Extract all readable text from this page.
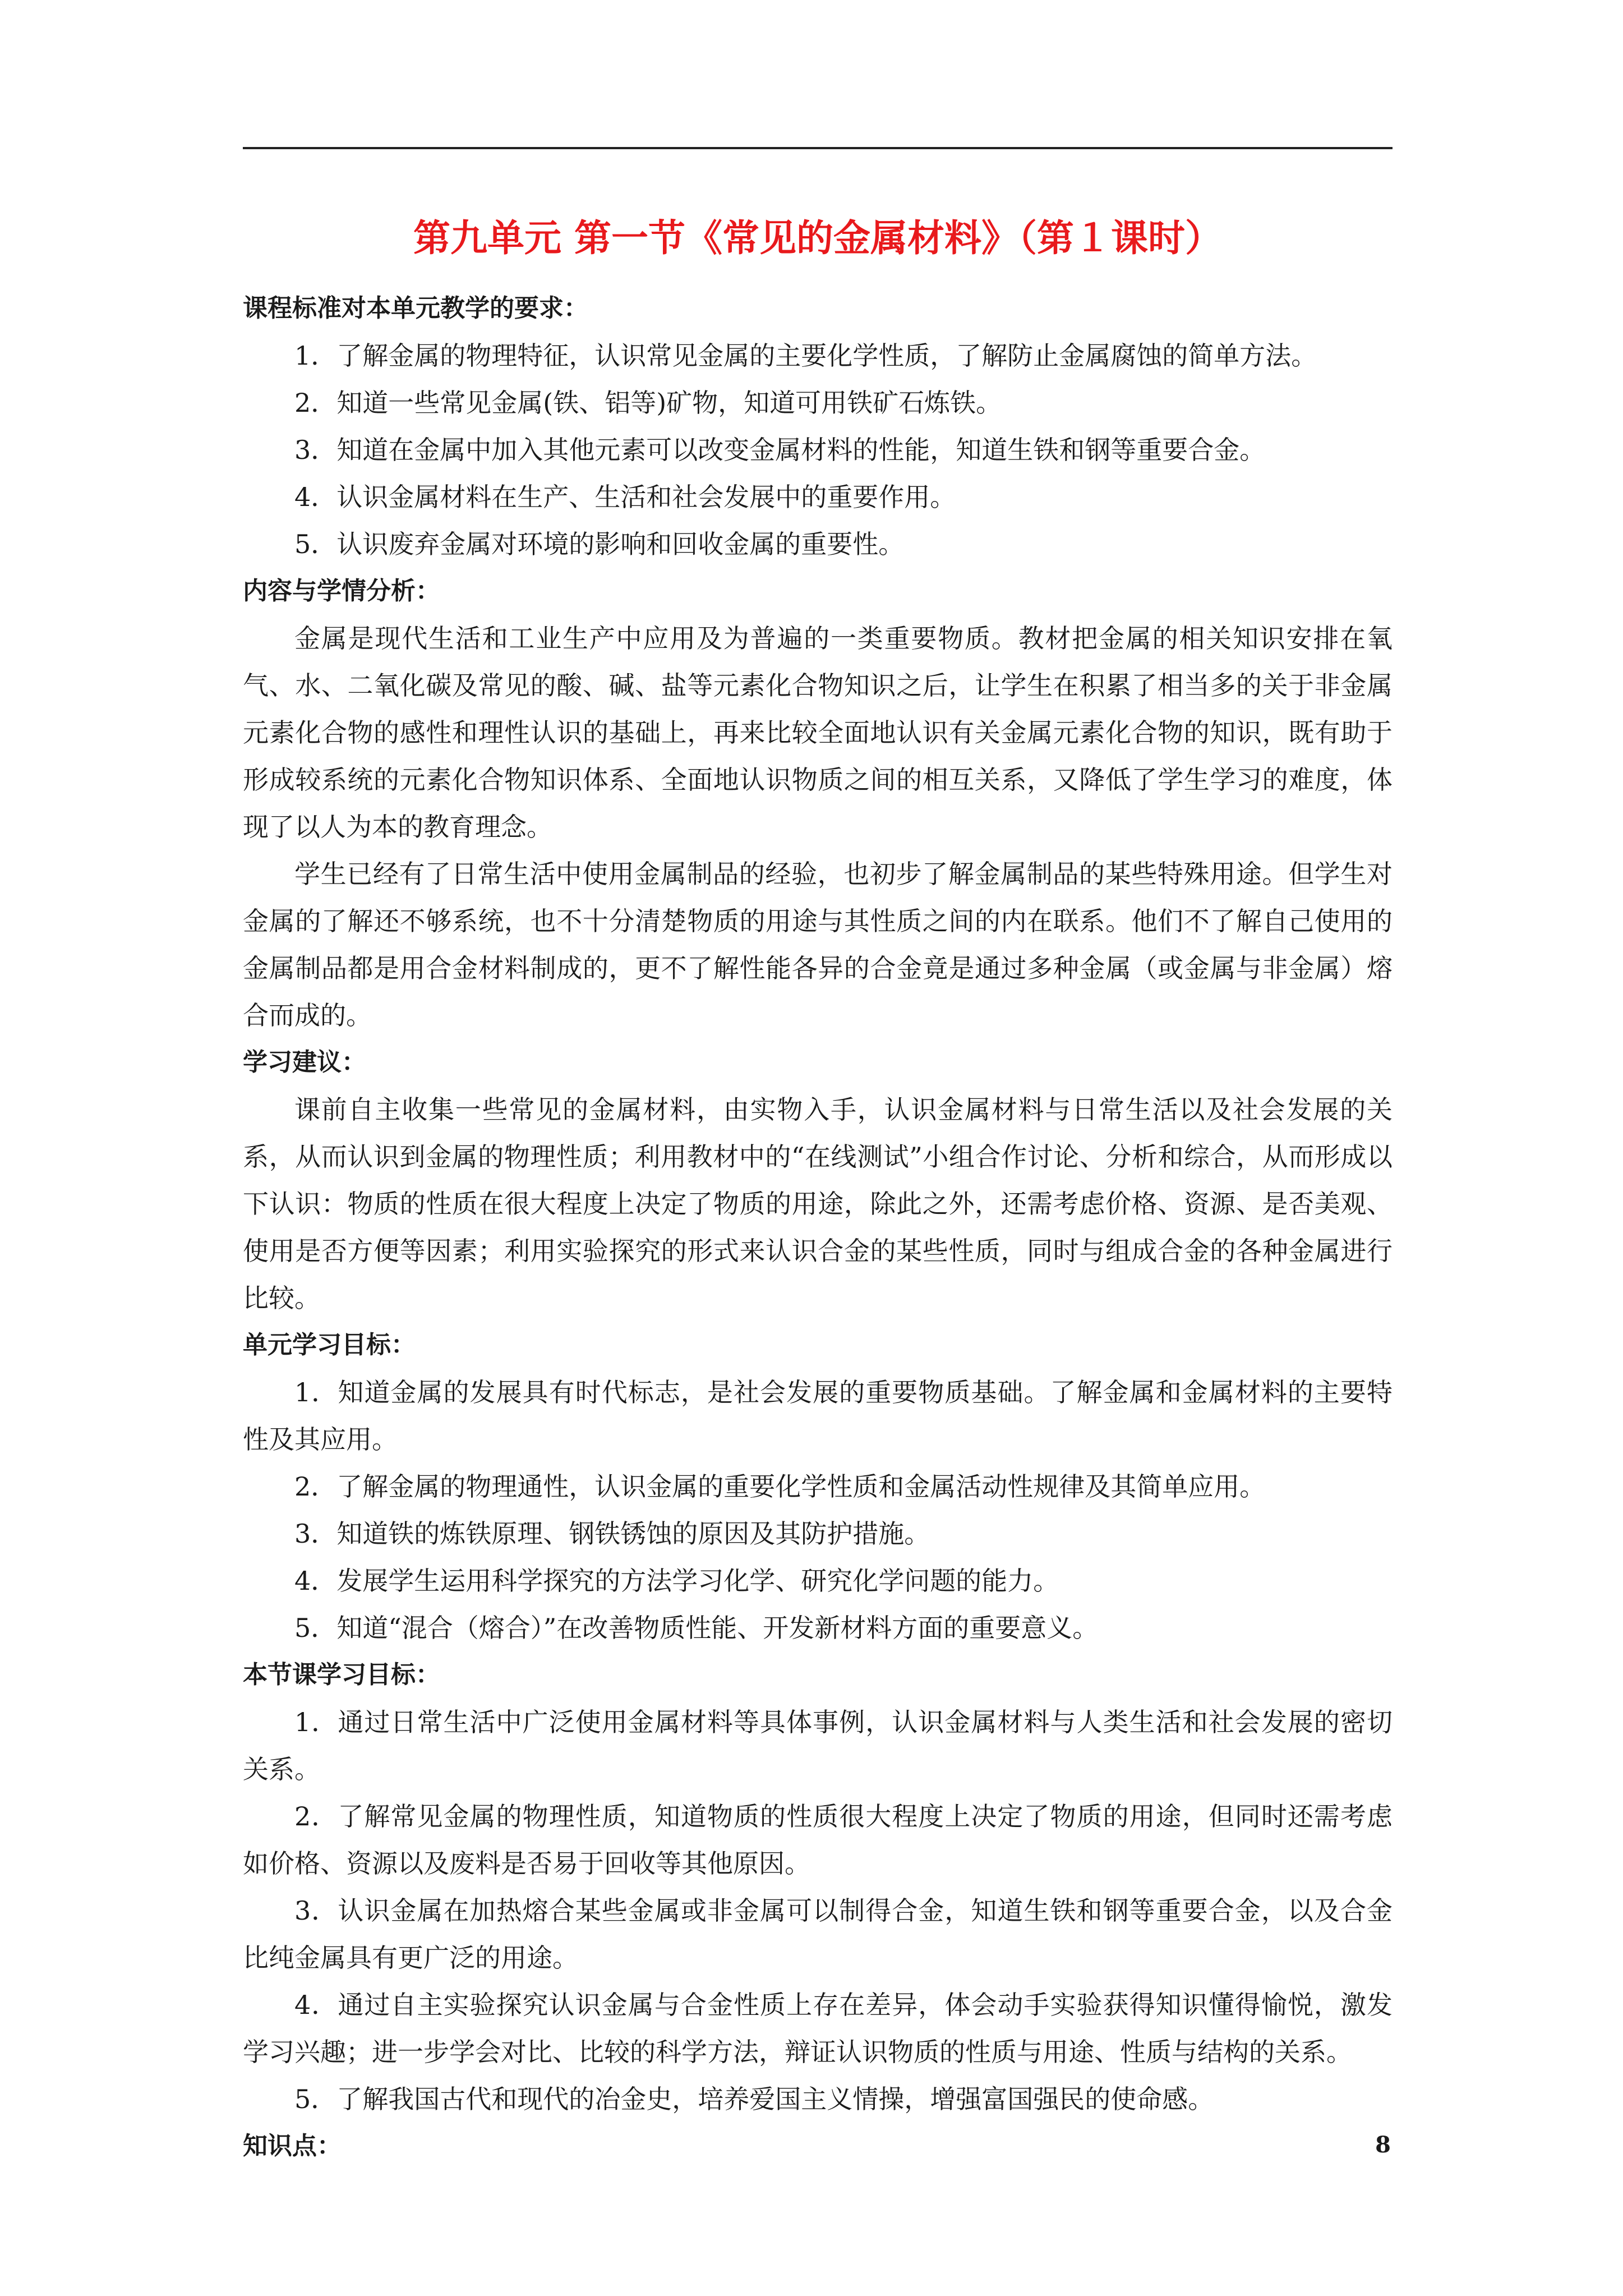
第九单元 第一节《常见的金属材料》（第１课时）

课程标准对本单元教学的要求：

1．了解金属的物理特征，认识常见金属的主要化学性质，了解防止金属腐蚀的简单方法。

2．知道一些常见金属(铁、铝等)矿物，知道可用铁矿石炼铁。

3．知道在金属中加入其他元素可以改变金属材料的性能，知道生铁和钢等重要合金。

4．认识金属材料在生产、生活和社会发展中的重要作用。

5．认识废弃金属对环境的影响和回收金属的重要性。

内容与学情分析：

金属是现代生活和工业生产中应用及为普遍的一类重要物质。教材把金属的相关知识安排在氧气、水、二氧化碳及常见的酸、碱、盐等元素化合物知识之后，让学生在积累了相当多的关于非金属元素化合物的感性和理性认识的基础上，再来比较全面地认识有关金属元素化合物的知识，既有助于形成较系统的元素化合物知识体系、全面地认识物质之间的相互关系，又降低了学生学习的难度，体现了以人为本的教育理念。

学生已经有了日常生活中使用金属制品的经验，也初步了解金属制品的某些特殊用途。但学生对金属的了解还不够系统，也不十分清楚物质的用途与其性质之间的内在联系。他们不了解自己使用的金属制品都是用合金材料制成的，更不了解性能各异的合金竟是通过多种金属（或金属与非金属）熔合而成的。

学习建议：

课前自主收集一些常见的金属材料，由实物入手，认识金属材料与日常生活以及社会发展的关系，从而认识到金属的物理性质；利用教材中的“在线测试”小组合作讨论、分析和综合，从而形成以下认识：物质的性质在很大程度上决定了物质的用途，除此之外，还需考虑价格、资源、是否美观、使用是否方便等因素；利用实验探究的形式来认识合金的某些性质，同时与组成合金的各种金属进行比较。

单元学习目标：

1．知道金属的发展具有时代标志，是社会发展的重要物质基础。了解金属和金属材料的主要特性及其应用。

2．了解金属的物理通性，认识金属的重要化学性质和金属活动性规律及其简单应用。

3．知道铁的炼铁原理、钢铁锈蚀的原因及其防护措施。

4．发展学生运用科学探究的方法学习化学、研究化学问题的能力。

5．知道“混合（熔合）”在改善物质性能、开发新材料方面的重要意义。

本节课学习目标：

1．通过日常生活中广泛使用金属材料等具体事例，认识金属材料与人类生活和社会发展的密切关系。

2．了解常见金属的物理性质，知道物质的性质很大程度上决定了物质的用途，但同时还需考虑如价格、资源以及废料是否易于回收等其他原因。

3．认识金属在加热熔合某些金属或非金属可以制得合金，知道生铁和钢等重要合金，以及合金比纯金属具有更广泛的用途。

4．通过自主实验探究认识金属与合金性质上存在差异，体会动手实验获得知识懂得愉悦，激发学习兴趣；进一步学会对比、比较的科学方法，辩证认识物质的性质与用途、性质与结构的关系。

5．了解我国古代和现代的冶金史，培养爱国主义情操，增强富国强民的使命感。

知识点：	8
